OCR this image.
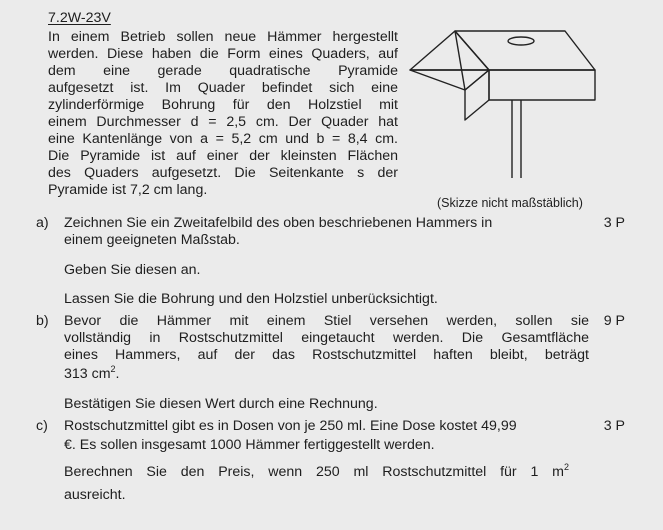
7.2W-23V
In einem Betrieb sollen neue Hämmer hergestellt
werden. Diese haben die Form eines Quaders, auf
dem eine gerade quadratische Pyramide
aufgesetzt ist. Im Quader befindet sich eine
zylinderförmige Bohrung für den Holzstiel mit
einem Durchmesser d = 2,5 cm. Der Quader hat
eine Kantenlänge von a = 5,2 cm und b = 8,4 cm.
Die Pyramide ist auf einer der kleinsten Flächen
des Quaders aufgesetzt. Die Seitenkante s der
Pyramide ist 7,2 cm lang.
(Skizze nicht maßstäblich)
a) Zeichnen Sie ein Zweitafelbild des oben beschriebenen Hammers in	3 P
einem geeigneten Maßstab.
Geben Sie diesen an.
Lassen Sie die Bohrung und den Holzstiel unberücksichtigt.
b) Bevor die Hämmer mit einem Stiel versehen werden, sollen sie	9 P
vollständig in Rostschutzmittel eingetaucht werden. Die Gesamtfläche
eines Hammers, auf der das Rostschutzmittel haften bleibt, beträgt
313 $cm^2$.
Bestätigen Sie diesen Wert durch eine Rechnung.
c) Rostschutzmittel gibt es in Dosen von je 250 ml. Eine Dose kostet 49,99	3 P
€. Es sollen insgesamt 1000 Hämmer fertiggestellt werden.
Berechnen Sie den Preis, wenn 250 ml Rostschutzmittel für 1 $m^2$
ausreicht.
